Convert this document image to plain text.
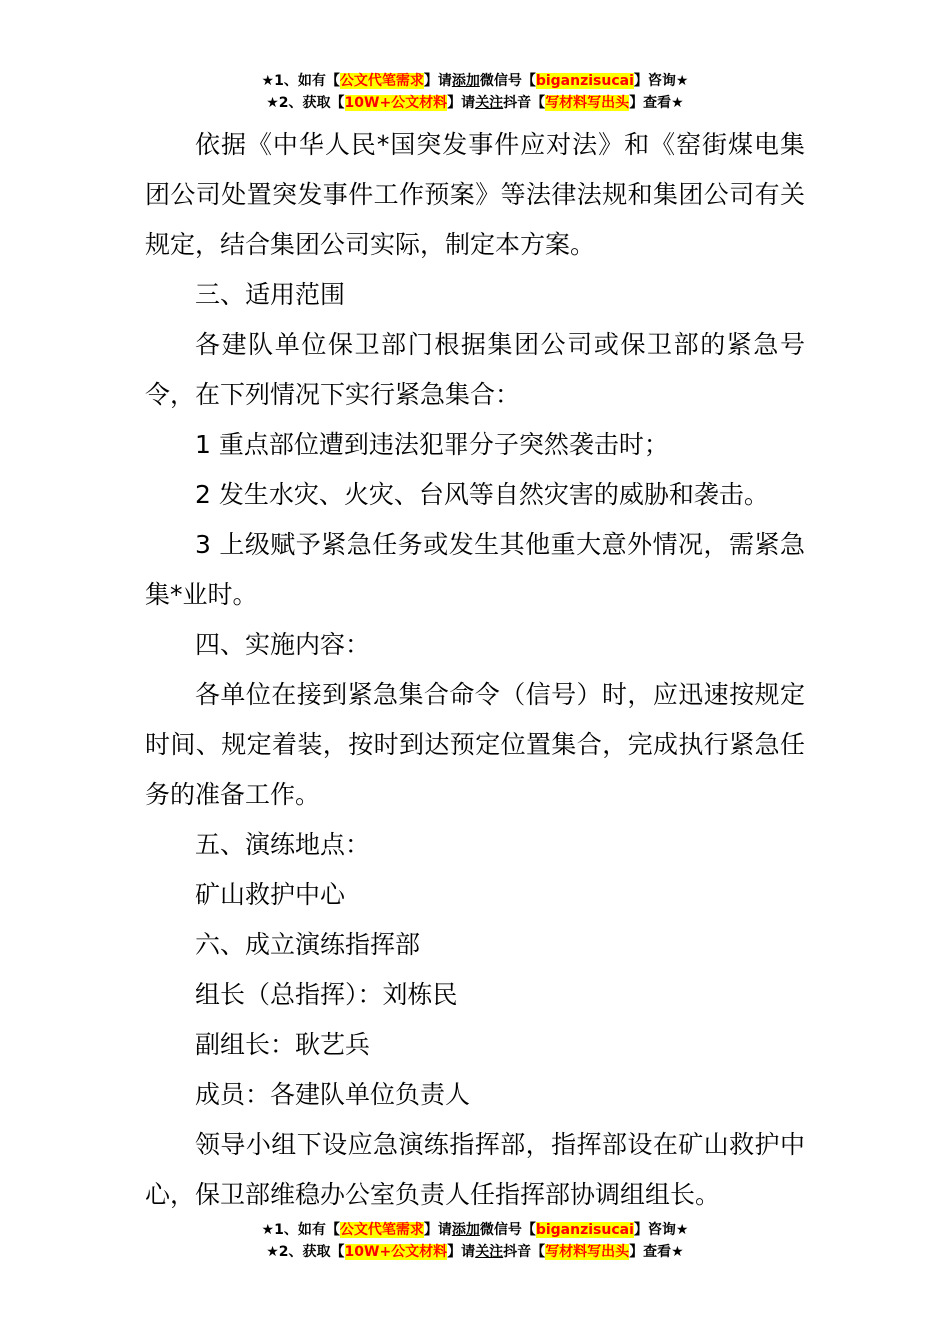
★1、如有【公文代笔需求】请添加微信号【biganzisucai】咨询★
★2、获取【10W+公文材料】请关注抖音【写材料写出头】查看★

依据《中华人民*国突发事件应对法》和《窑街煤电集团公司处置突发事件工作预案》等法律法规和集团公司有关规定，结合集团公司实际，制定本方案。

三、适用范围

各建队单位保卫部门根据集团公司或保卫部的紧急号令，在下列情况下实行紧急集合：

1 重点部位遭到违法犯罪分子突然袭击时；

2 发生水灾、火灾、台风等自然灾害的威胁和袭击。

3 上级赋予紧急任务或发生其他重大意外情况，需紧急集*业时。

四、实施内容：

各单位在接到紧急集合命令（信号）时，应迅速按规定时间、规定着装，按时到达预定位置集合，完成执行紧急任务的准备工作。

五、演练地点：

矿山救护中心

六、成立演练指挥部

组长（总指挥）：刘栋民

副组长：耿艺兵

成员：各建队单位负责人

领导小组下设应急演练指挥部，指挥部设在矿山救护中心，保卫部维稳办公室负责人任指挥部协调组组长。

★1、如有【公文代笔需求】请添加微信号【biganzisucai】咨询★
★2、获取【10W+公文材料】请关注抖音【写材料写出头】查看★
